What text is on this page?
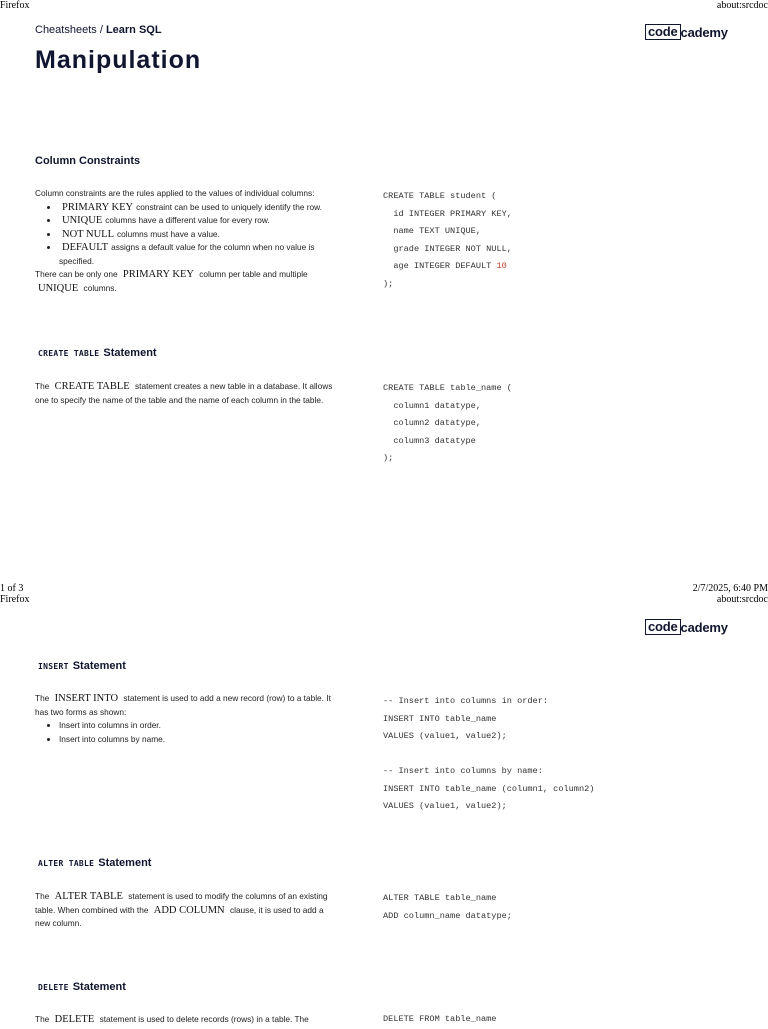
Firefox	about:srcdoc
Cheatsheets / Learn SQL	code cademy
Manipulation
Column Constraints
Column constraints are the rules applied to the values of individual columns:
• PRIMARY KEY constraint can be used to uniquely identify the row.
• UNIQUE columns have a different value for every row.
• NOT NULL columns must have a value.
• DEFAULT assigns a default value for the column when no value is specified.
There can be only one PRIMARY KEY column per table and multiple UNIQUE columns.
CREATE TABLE student (
id INTEGER PRIMARY KEY,
name TEXT UNIQUE,
grade INTEGER NOT NULL,
age INTEGER DEFAULT 10
);
CREATE TABLE Statement
The CREATE TABLE statement creates a new table in a database. It allows one to specify the name of the table and the name of each column in the table.
CREATE TABLE table_name (
column1 datatype,
column2 datatype,
column3 datatype
);
1 of 3	2/7/2025, 6:40 PM
Firefox	about:srcdoc
code cademy
INSERT Statement
The INSERT INTO statement is used to add a new record (row) to a table. It has two forms as shown:
• Insert into columns in order.
• Insert into columns by name.
-- Insert into columns in order:
INSERT INTO table_name
VALUES (value1, value2);

-- Insert into columns by name:
INSERT INTO table_name (column1, column2)
VALUES (value1, value2);
ALTER TABLE Statement
The ALTER TABLE statement is used to modify the columns of an existing table. When combined with the ADD COLUMN clause, it is used to add a new column.
ALTER TABLE table_name
ADD column_name datatype;
DELETE Statement
The DELETE statement is used to delete records (rows) in a table. The	DELETE FROM table_name
